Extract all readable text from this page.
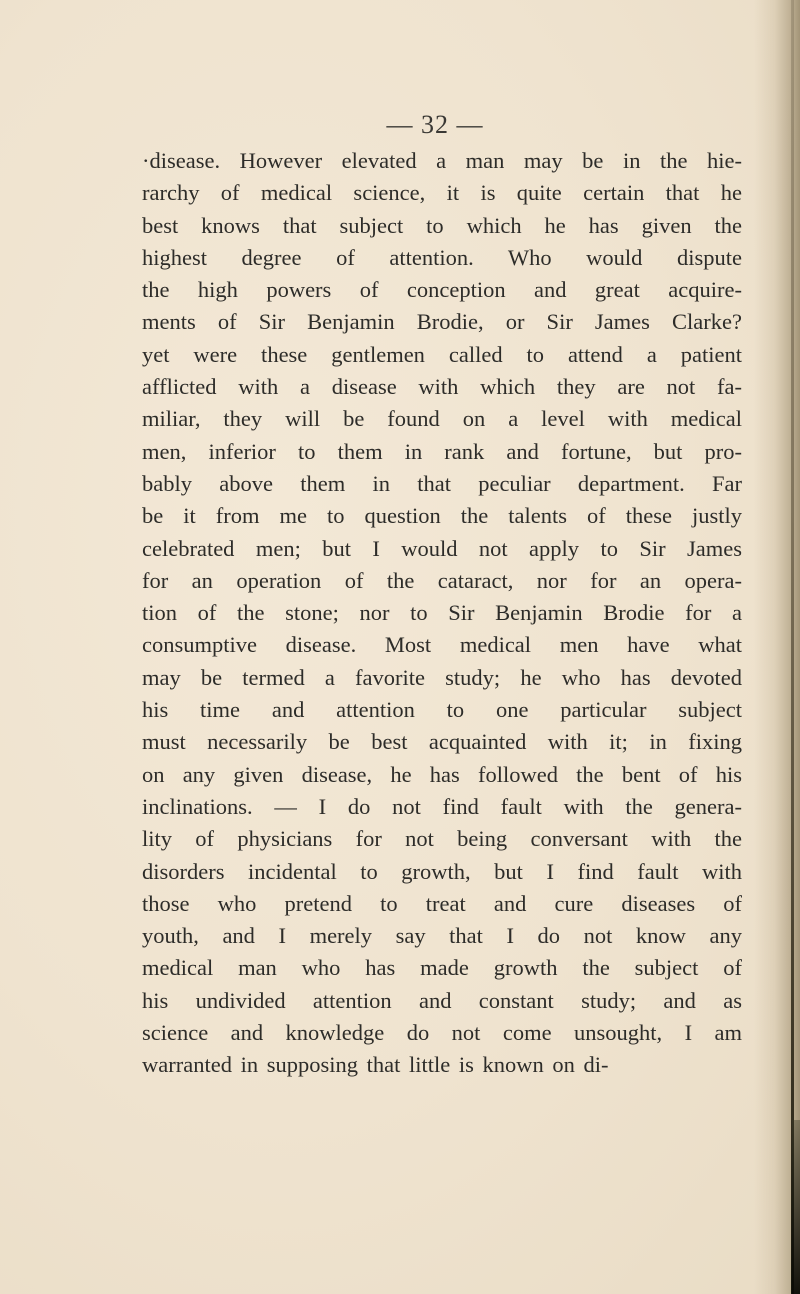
— 32 —
·disease. However elevated a man may be in the hie-
rarchy of medical science, it is quite certain that he
best knows that subject to which he has given the
highest degree of attention. Who would dispute
the high powers of conception and great acquire-
ments of Sir Benjamin Brodie, or Sir James Clarke?
yet were these gentlemen called to attend a patient
afflicted with a disease with which they are not fa-
miliar, they will be found on a level with medical
men, inferior to them in rank and fortune, but pro-
bably above them in that peculiar department. Far
be it from me to question the talents of these justly
celebrated men; but I would not apply to Sir James
for an operation of the cataract, nor for an opera-
tion of the stone; nor to Sir Benjamin Brodie for a
consumptive disease. Most medical men have what
may be termed a favorite study; he who has devoted
his time and attention to one particular subject
must necessarily be best acquainted with it; in fixing
on any given disease, he has followed the bent of his
inclinations. — I do not find fault with the genera-
lity of physicians for not being conversant with the
disorders incidental to growth, but I find fault with
those who pretend to treat and cure diseases of
youth, and I merely say that I do not know any
medical man who has made growth the subject of
his undivided attention and constant study; and as
science and knowledge do not come unsought, I am
warranted in supposing that little is known on di-
